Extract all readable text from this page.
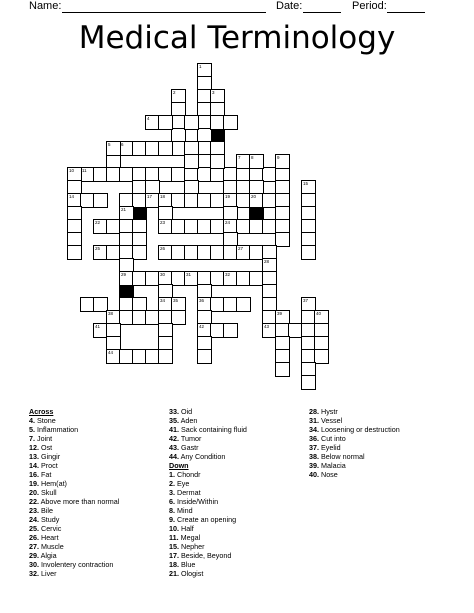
Name:	Date:	Period:
Medical Terminology
1
2	3
4
6
5
11
10
7 8	9
14
15
17 18	19	20
21
22	23	24
25	26	27
28
29	30	31	32
34 35	36	37
38	39	40
41	42	43
44
Across
4. Stone
5. Inflammation
7. Joint
12. Ost
13. Gingir
14. Proct
16. Fat
19. Hem(at)
20. Skull
22. Above more than normal
23. Bile
24. Study
25. Cervic
26. Heart
27. Muscle
29. Algia
30. Involentery contraction
32. Liver
33. Oid
35. Aden
41. Sack containing fluid
42. Tumor
43. Gastr
44. Any Condition
Down
1. Chondr
2. Eye
3. Dermat
6. Inside/Within
8. Mind
9. Create an opening
10. Half
11. Megal
15. Nepher
17. Beside, Beyond
18. Blue
21. Ologist
28. Hystr
31. Vessel
34. Loosening or destruction
36. Cut into
37. Eyelid
38. Below normal
39. Malacia
40. Nose
